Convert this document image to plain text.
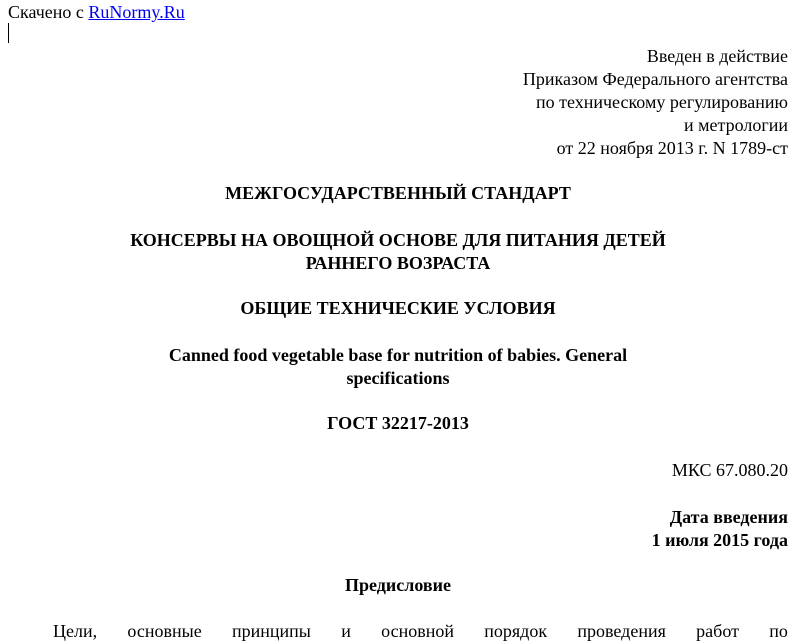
Скачено с RuNormy.Ru
Введен в действие
Приказом Федерального агентства
по техническому регулированию
и метрологии
от 22 ноября 2013 г. N 1789-ст
МЕЖГОСУДАРСТВЕННЫЙ СТАНДАРТ
КОНСЕРВЫ НА ОВОЩНОЙ ОСНОВЕ ДЛЯ ПИТАНИЯ ДЕТЕЙ
РАННЕГО ВОЗРАСТА
ОБЩИЕ ТЕХНИЧЕСКИЕ УСЛОВИЯ
Canned food vegetable base for nutrition of babies. General
specifications
ГОСТ 32217-2013
МКС 67.080.20
Дата введения
1 июля 2015 года
Предисловие
Цели, основные принципы и основной порядок проведения работ по
